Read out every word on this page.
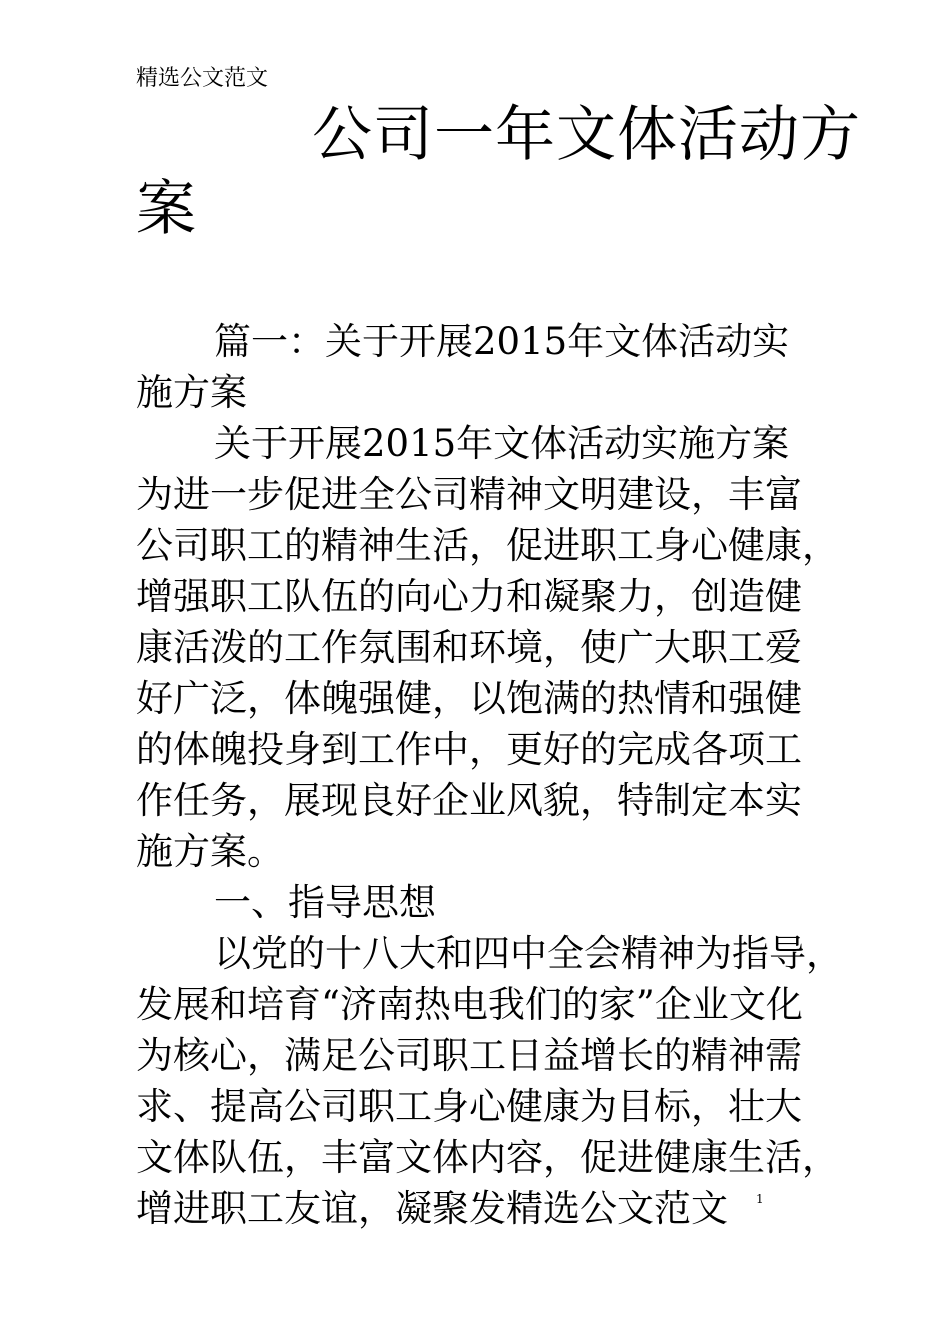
精选公文范文
公司一年文体活动方
案
篇一：关于开展2015年文体活动实
施方案
关于开展2015年文体活动实施方案
为进一步促进全公司精神文明建设，丰富
公司职工的精神生活，促进职工身心健康，
增强职工队伍的向心力和凝聚力，创造健
康活泼的工作氛围和环境，使广大职工爱
好广泛，体魄强健，以饱满的热情和强健
的体魄投身到工作中，更好的完成各项工
作任务，展现良好企业风貌，特制定本实
施方案。
一、指导思想
以党的十八大和四中全会精神为指导，
发展和培育“济南热电我们的家”企业文化
为核心，满足公司职工日益增长的精神需
求、提高公司职工身心健康为目标，壮大
文体队伍，丰富文体内容，促进健康生活，
增进职工友谊，凝聚发精选公文范文	1
